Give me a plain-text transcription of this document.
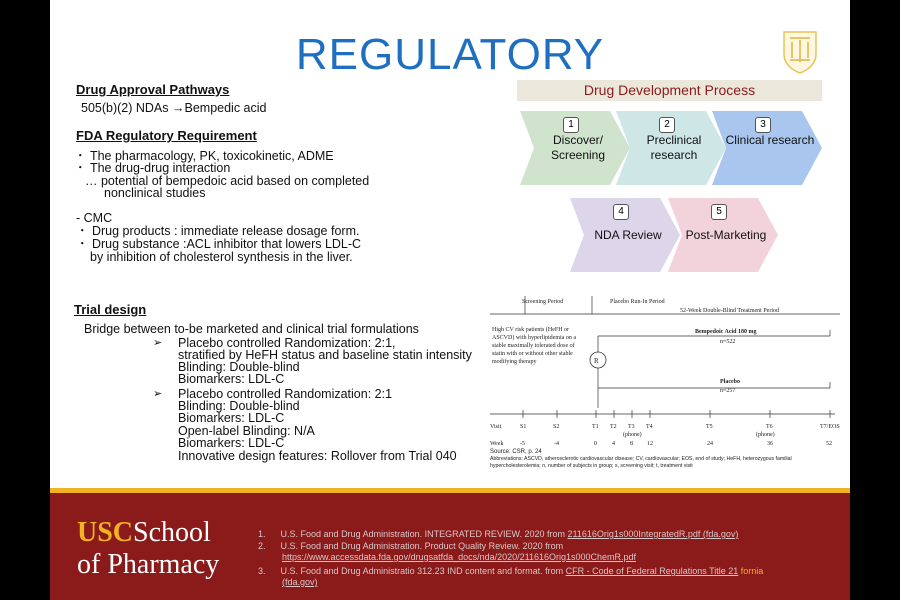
REGULATORY
Drug Approval Pathways
505(b)(2) NDAs →Bempedic acid
FDA Regulatory Requirement
・ The pharmacology, PK, toxicokinetic, ADME
・ The drug-drug interaction
… potential of bempedoic acid based on completed
nonclinical studies
- CMC
・ Drug products : immediate release dosage form.
・ Drug substance :ACL inhibitor that lowers LDL-C
by inhibition of cholesterol synthesis in the liver.
Trial design
Bridge between to-be marketed and clinical trial formulations
➢ Placebo controlled Randomization: 2:1,
stratified by HeFH status and baseline statin intensity
Blinding: Double-blind
Biomarkers: LDL-C
➢ Placebo controlled Randomization: 2:1
Blinding: Double-blind
Biomarkers: LDL-C
Open-label Blinding: N/A
Biomarkers: LDL-C
Innovative design features: Rollover from Trial 040
Drug Development Process
1
Discover/ Screening
2
Preclinical research
3
Clinical research
4
NDA Review
5
Post-Marketing
Screening Period	Placebo Run-In Period
52-Week Double-Blind Treatment Period
High CV risk patients (HeFH or ASCVD) with hyperlipidemia on a stable maximally tolerated dose of statin with or without other stable modifying therapy	R
Bempedoic Acid 180 mg
n=522
Placebo
n=257
Visit	S1	S2	T1 T2 T3 T4	T5	T6	T7/EOS
(phone)	(phone)
Week	-5	-4	0	4	8 12	24	36	52
Source: CSR, p. 24
Abbreviations: ASCVD, atherosclerotic cardiovascular disease; CV, cardiovascular; EOS, end of study; HeFH, heterozygous familial
hypercholesterolemia; n, number of subjects in group; s, screening visit; t, treatment visit
USCSchool
of Pharmacy
1. U.S. Food and Drug Administration. INTEGRATED REVIEW. 2020 from 211616Orig1s000IntegratedR.pdf (fda.gov)
2. U.S. Food and Drug Administration. Product Quality Review. 2020 from
https://www.accessdata.fda.gov/drugsatfda_docs/nda/2020/211616Orig1s000ChemR.pdf
3. U.S. Food and Drug Administratio 312.23 IND content and format. from CFR - Code of Federal Regulations Title 21 fornia
(fda.gov)
